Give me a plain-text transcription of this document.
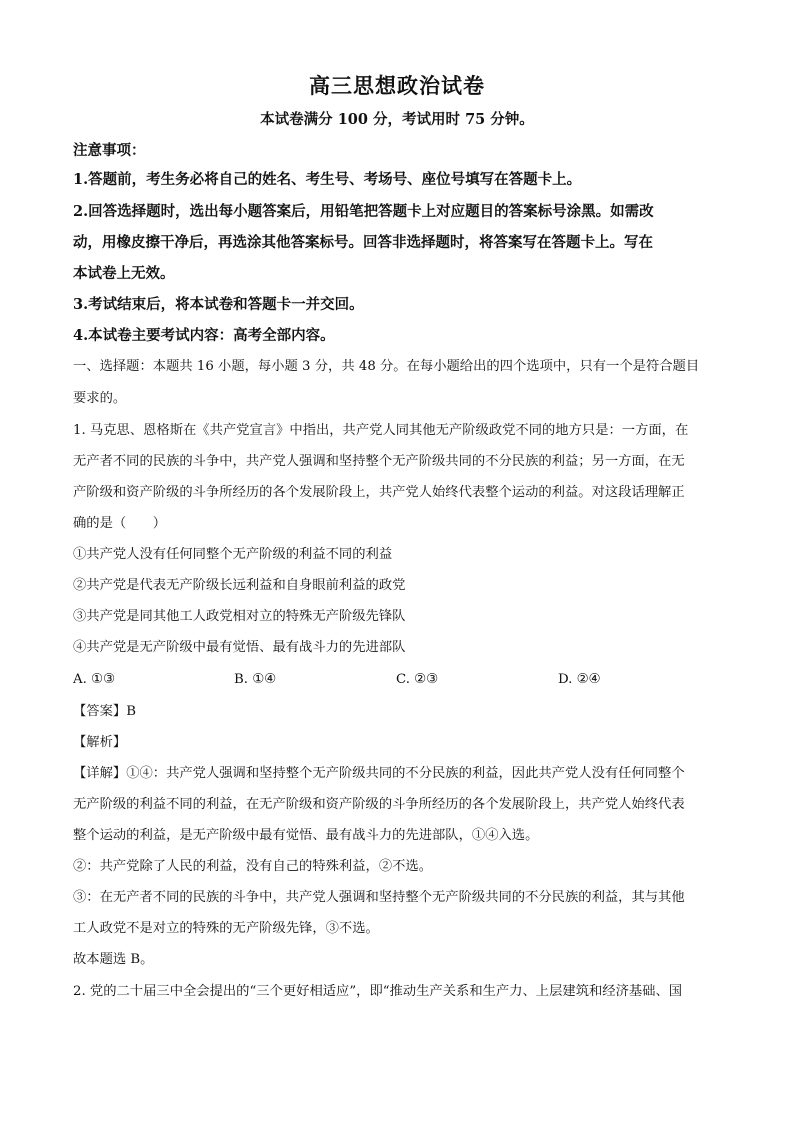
高三思想政治试卷
本试卷满分 100 分，考试用时 75 分钟。
注意事项：
1.答题前，考生务必将自己的姓名、考生号、考场号、座位号填写在答题卡上。
2.回答选择题时，选出每小题答案后，用铅笔把答题卡上对应题目的答案标号涂黑。如需改
动，用橡皮擦干净后，再选涂其他答案标号。回答非选择题时，将答案写在答题卡上。写在
本试卷上无效。
3.考试结束后，将本试卷和答题卡一并交回。
4.本试卷主要考试内容：高考全部内容。
一、选择题：本题共 16 小题，每小题 3 分，共 48 分。在每小题给出的四个选项中，只有一个是符合题目
要求的。
1. 马克思、恩格斯在《共产党宣言》中指出，共产党人同其他无产阶级政党不同的地方只是：一方面，在
无产者不同的民族的斗争中，共产党人强调和坚持整个无产阶级共同的不分民族的利益；另一方面，在无
产阶级和资产阶级的斗争所经历的各个发展阶段上，共产党人始终代表整个运动的利益。对这段话理解正
确的是（　　）
①共产党人没有任何同整个无产阶级的利益不同的利益
②共产党是代表无产阶级长远利益和自身眼前利益的政党
③共产党是同其他工人政党相对立的特殊无产阶级先锋队
④共产党是无产阶级中最有觉悟、最有战斗力的先进部队
A. ①③	B. ①④	C. ②③	D. ②④
【答案】B
【解析】
【详解】①④：共产党人强调和坚持整个无产阶级共同的不分民族的利益，因此共产党人没有任何同整个
无产阶级的利益不同的利益，在无产阶级和资产阶级的斗争所经历的各个发展阶段上，共产党人始终代表
整个运动的利益，是无产阶级中最有觉悟、最有战斗力的先进部队，①④入选。
②：共产党除了人民的利益，没有自己的特殊利益，②不选。
③：在无产者不同的民族的斗争中，共产党人强调和坚持整个无产阶级共同的不分民族的利益，其与其他
工人政党不是对立的特殊的无产阶级先锋，③不选。
故本题选 B。
2. 党的二十届三中全会提出的“三个更好相适应”，即“推动生产关系和生产力、上层建筑和经济基础、国
